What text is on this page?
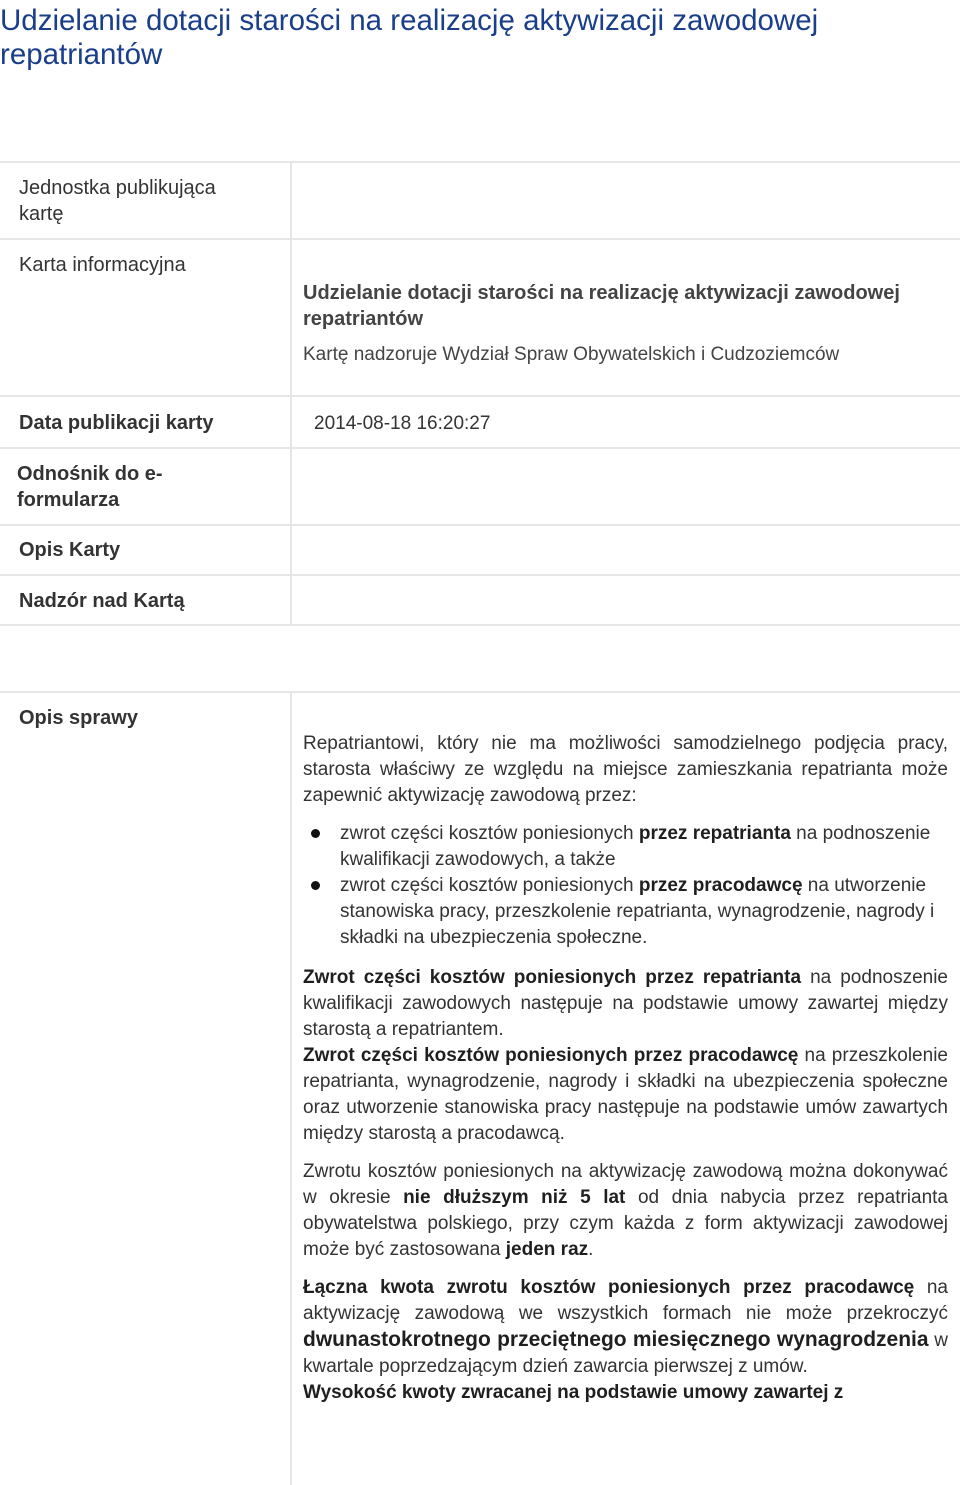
Udzielanie dotacji starości na realizację aktywizacji zawodowej repatriantów
Jednostka publikująca kartę
Karta informacyjna
Data publikacji karty
Odnośnik do e-formularza
Opis Karty
Nadzór nad Kartą
Opis sprawy
Udzielanie dotacji starości na realizację aktywizacji zawodowej repatriantów
Kartę nadzoruje Wydział Spraw Obywatelskich i Cudzoziemców
2014-08-18 16:20:27

Repatriantowi, który nie ma możliwości samodzielnego podjęcia pracy, starosta właściwy ze względu na miejsce zamieszkania repatrianta może zapewnić aktywizację zawodową przez:

zwrot części kosztów poniesionych przez repatrianta na podnoszenie kwalifikacji zawodowych, a także
zwrot części kosztów poniesionych przez pracodawcę na utworzenie stanowiska pracy, przeszkolenie repatrianta, wynagrodzenie, nagrody i składki na ubezpieczenia społeczne.

Zwrot części kosztów poniesionych przez repatrianta na podnoszenie kwalifikacji zawodowych następuje na podstawie umowy zawartej między starostą a repatriantem.

Zwrot części kosztów poniesionych przez pracodawcę na przeszkolenie repatrianta, wynagrodzenie, nagrody i składki na ubezpieczenia społeczne oraz utworzenie stanowiska pracy następuje na podstawie umów zawartych między starostą a pracodawcą.

Zwrotu kosztów poniesionych na aktywizację zawodową można dokonywać w okresie nie dłuższym niż 5 lat od dnia nabycia przez repatrianta obywatelstwa polskiego, przy czym każda z form aktywizacji zawodowej może być zastosowana jeden raz.

Łączna kwota zwrotu kosztów poniesionych przez pracodawcę na aktywizację zawodową we wszystkich formach nie może przekroczyć dwunastokrotnego przeciętnego miesięcznego wynagrodzenia w kwartale poprzedzającym dzień zawarcia pierwszej z umów.

Wysokość kwoty zwracanej na podstawie umowy zawartej z
